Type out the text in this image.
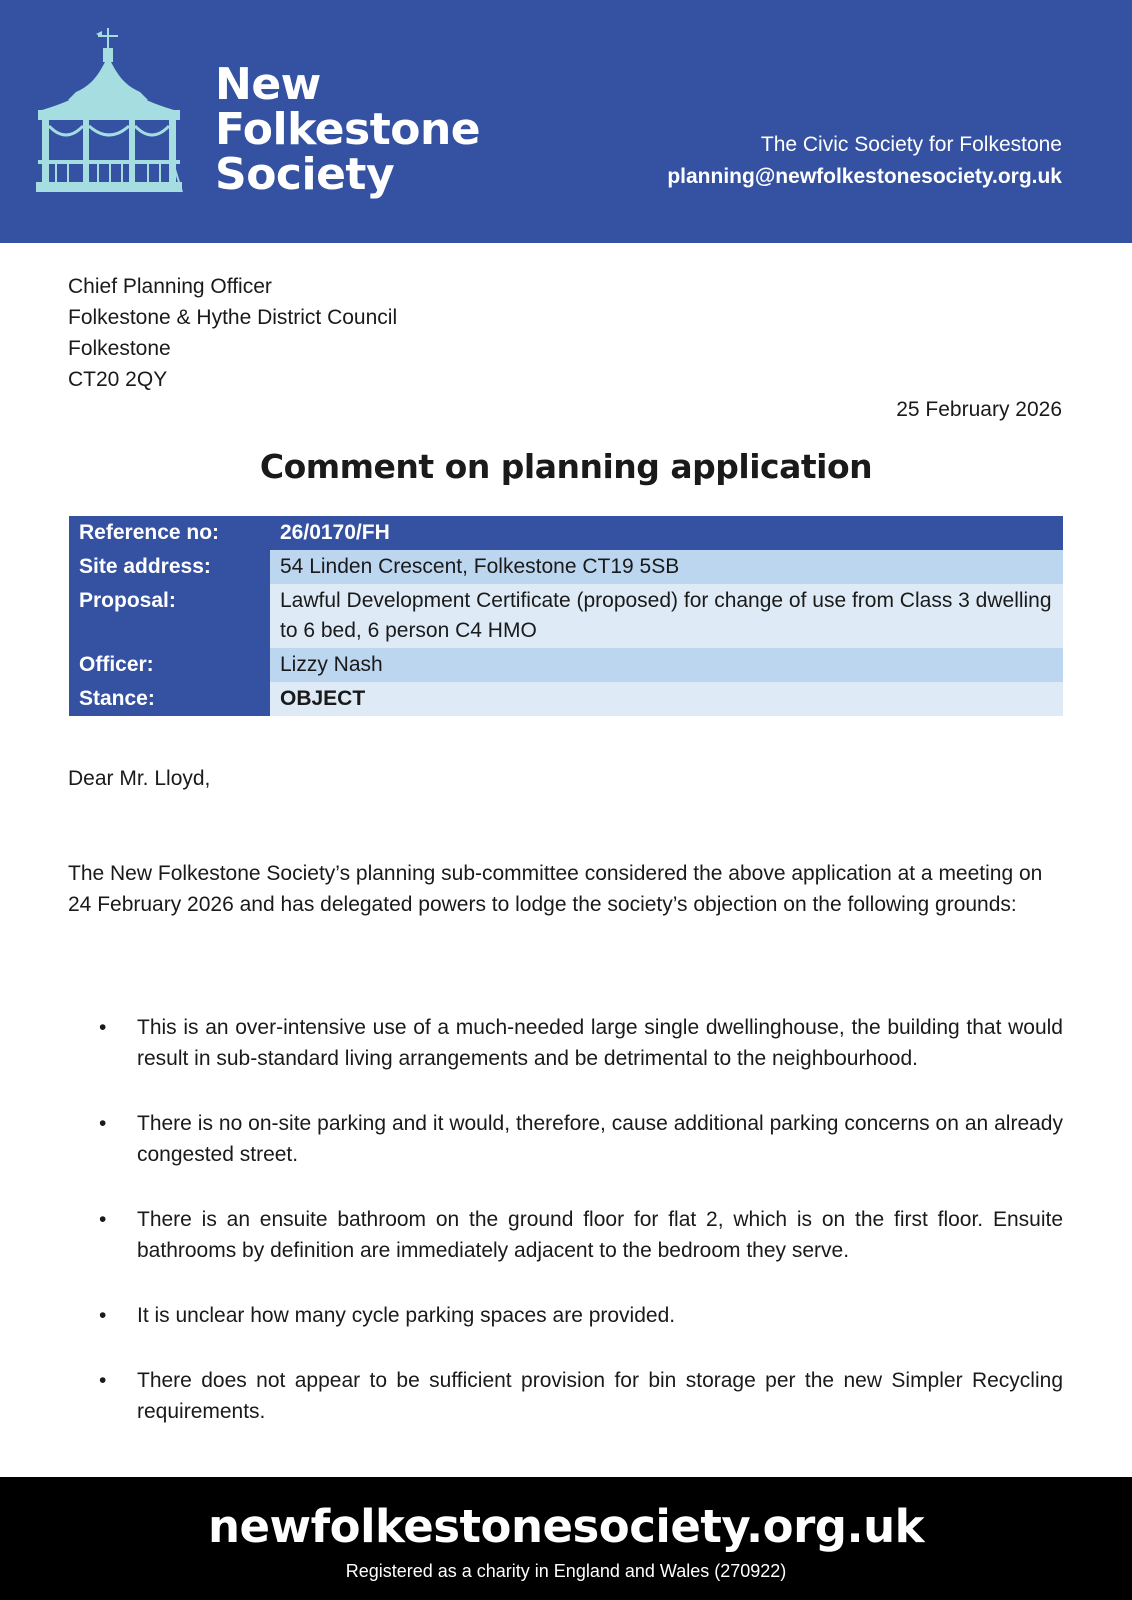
New
Folkestone
Society
The Civic Society for Folkestone
planning@newfolkestonesociety.org.uk
Chief Planning Officer
Folkestone & Hythe District Council
Folkestone
CT20 2QY
25 February 2026
Comment on planning application
Reference no:	26/0170/FH
Site address:	54 Linden Crescent, Folkestone CT19 5SB
Proposal:	Lawful Development Certificate (proposed) for change of use from Class 3 dwelling to 6 bed, 6 person C4 HMO
Officer:	Lizzy Nash
Stance:	OBJECT
Dear Mr. Lloyd,
The New Folkestone Society’s planning sub-committee considered the above application at a meeting on 24 February 2026 and has delegated powers to lodge the society’s objection on the following grounds:
• This is an over-intensive use of a much-needed large single dwellinghouse, the building that would result in sub-standard living arrangements and be detrimental to the neighbourhood.
• There is no on-site parking and it would, therefore, cause additional parking concerns on an already congested street.
• There is an ensuite bathroom on the ground floor for flat 2, which is on the first floor. Ensuite bathrooms by definition are immediately adjacent to the bedroom they serve.
• It is unclear how many cycle parking spaces are provided.
• There does not appear to be sufficient provision for bin storage per the new Simpler Recycling requirements.
newfolkestonesociety.org.uk
Registered as a charity in England and Wales (270922)
